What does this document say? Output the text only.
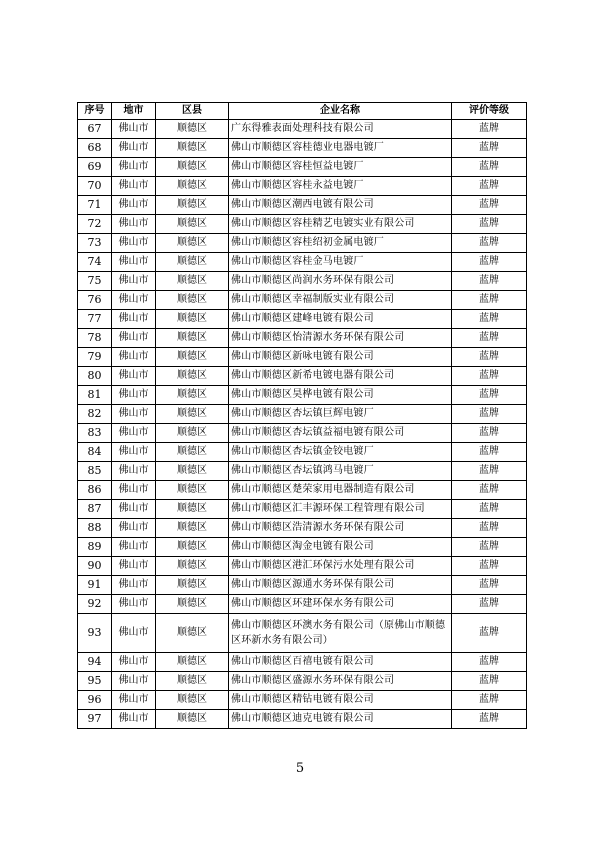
序号	地市	区县	企业名称	评价等级
67	佛山市	顺德区	广东得雅表面处理科技有限公司	蓝牌
68	佛山市	顺德区	佛山市顺德区容桂德业电器电镀厂	蓝牌
69	佛山市	顺德区	佛山市顺德区容桂恒益电镀厂	蓝牌
70	佛山市	顺德区	佛山市顺德区容桂永益电镀厂	蓝牌
71	佛山市	顺德区	佛山市顺德区潮西电镀有限公司	蓝牌
72	佛山市	顺德区	佛山市顺德区容桂精艺电镀实业有限公司	蓝牌
73	佛山市	顺德区	佛山市顺德区容桂绍初金属电镀厂	蓝牌
74	佛山市	顺德区	佛山市顺德区容桂金马电镀厂	蓝牌
75	佛山市	顺德区	佛山市顺德区尚润水务环保有限公司	蓝牌
76	佛山市	顺德区	佛山市顺德区幸福制版实业有限公司	蓝牌
77	佛山市	顺德区	佛山市顺德区建峰电镀有限公司	蓝牌
78	佛山市	顺德区	佛山市顺德区怡清源水务环保有限公司	蓝牌
79	佛山市	顺德区	佛山市顺德区新咏电镀有限公司	蓝牌
80	佛山市	顺德区	佛山市顺德区新希电镀电器有限公司	蓝牌
81	佛山市	顺德区	佛山市顺德区昊桦电镀有限公司	蓝牌
82	佛山市	顺德区	佛山市顺德区杏坛镇巨辉电镀厂	蓝牌
83	佛山市	顺德区	佛山市顺德区杏坛镇益福电镀有限公司	蓝牌
84	佛山市	顺德区	佛山市顺德区杏坛镇金铰电镀厂	蓝牌
85	佛山市	顺德区	佛山市顺德区杏坛镇鸿马电镀厂	蓝牌
86	佛山市	顺德区	佛山市顺德区楚荣家用电器制造有限公司	蓝牌
87	佛山市	顺德区	佛山市顺德区汇丰源环保工程管理有限公司	蓝牌
88	佛山市	顺德区	佛山市顺德区浩清源水务环保有限公司	蓝牌
89	佛山市	顺德区	佛山市顺德区淘金电镀有限公司	蓝牌
90	佛山市	顺德区	佛山市顺德区港汇环保污水处理有限公司	蓝牌
91	佛山市	顺德区	佛山市顺德区源通水务环保有限公司	蓝牌
92	佛山市	顺德区	佛山市顺德区环建环保水务有限公司	蓝牌
93	佛山市	顺德区	佛山市顺德区环澳水务有限公司（原佛山市顺德区环新水务有限公司）	蓝牌
94	佛山市	顺德区	佛山市顺德区百禧电镀有限公司	蓝牌
95	佛山市	顺德区	佛山市顺德区盛源水务环保有限公司	蓝牌
96	佛山市	顺德区	佛山市顺德区精钻电镀有限公司	蓝牌
97	佛山市	顺德区	佛山市顺德区迪克电镀有限公司	蓝牌
5
